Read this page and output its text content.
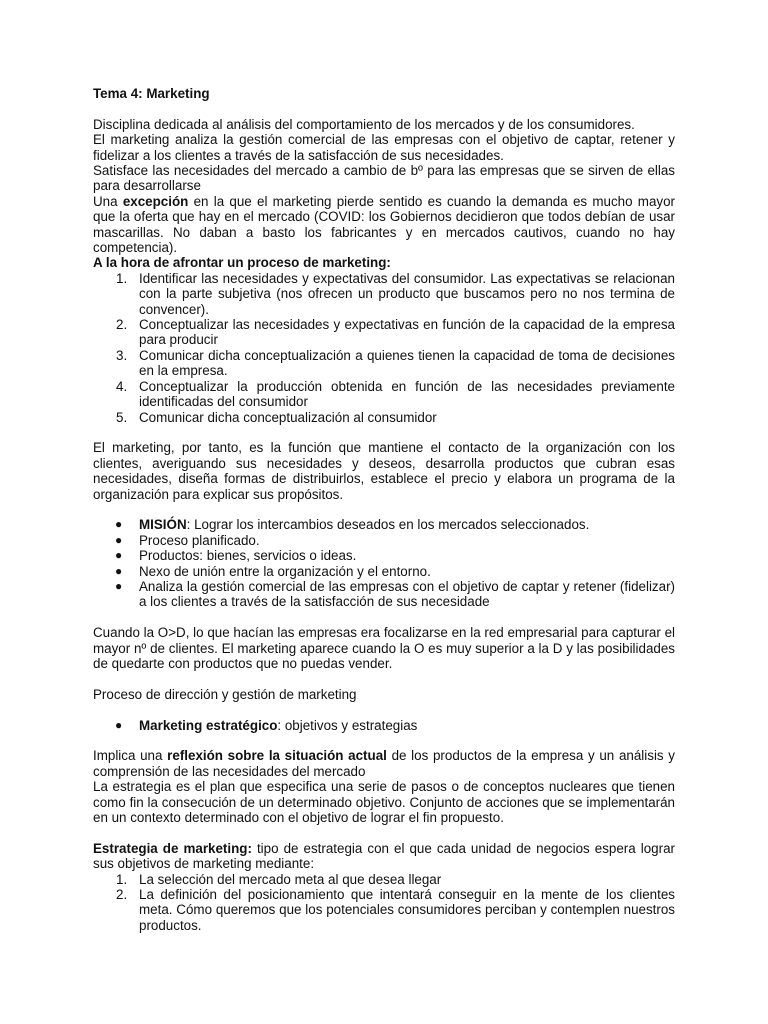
Tema 4: Marketing

Disciplina dedicada al análisis del comportamiento de los mercados y de los consumidores.

El marketing analiza la gestión comercial de las empresas con el objetivo de captar, retener y fidelizar a los clientes a través de la satisfacción de sus necesidades.

Satisface las necesidades del mercado a cambio de bº para las empresas que se sirven de ellas para desarrollarse

Una excepción en la que el marketing pierde sentido es cuando la demanda es mucho mayor que la oferta que hay en el mercado (COVID: los Gobiernos decidieron que todos debían de usar mascarillas. No daban a basto los fabricantes y en mercados cautivos, cuando no hay competencia).

A la hora de afrontar un proceso de marketing:

1. Identificar las necesidades y expectativas del consumidor. Las expectativas se relacionan con la parte subjetiva (nos ofrecen un producto que buscamos pero no nos termina de convencer).
2. Conceptualizar las necesidades y expectativas en función de la capacidad de la empresa para producir
3. Comunicar dicha conceptualización a quienes tienen la capacidad de toma de decisiones en la empresa.
4. Conceptualizar la producción obtenida en función de las necesidades previamente identificadas del consumidor
5. Comunicar dicha conceptualización al consumidor

El marketing, por tanto, es la función que mantiene el contacto de la organización con los clientes, averiguando sus necesidades y deseos, desarrolla productos que cubran esas necesidades, diseña formas de distribuirlos, establece el precio y elabora un programa de la organización para explicar sus propósitos.

● MISIÓN: Lograr los intercambios deseados en los mercados seleccionados.
● Proceso planificado.
● Productos: bienes, servicios o ideas.
● Nexo de unión entre la organización y el entorno.
● Analiza la gestión comercial de las empresas con el objetivo de captar y retener (fidelizar) a los clientes a través de la satisfacción de sus necesidade

Cuando la O>D, lo que hacían las empresas era focalizarse en la red empresarial para capturar el mayor nº de clientes. El marketing aparece cuando la O es muy superior a la D y las posibilidades de quedarte con productos que no puedas vender.

Proceso de dirección y gestión de marketing

● Marketing estratégico: objetivos y estrategias

Implica una reflexión sobre la situación actual de los productos de la empresa y un análisis y comprensión de las necesidades del mercado

La estrategia es el plan que especifica una serie de pasos o de conceptos nucleares que tienen como fin la consecución de un determinado objetivo. Conjunto de acciones que se implementarán en un contexto determinado con el objetivo de lograr el fin propuesto.

Estrategia de marketing: tipo de estrategia con el que cada unidad de negocios espera lograr sus objetivos de marketing mediante:

1. La selección del mercado meta al que desea llegar
2. La definición del posicionamiento que intentará conseguir en la mente de los clientes meta. Cómo queremos que los potenciales consumidores perciban y contemplen nuestros productos.
